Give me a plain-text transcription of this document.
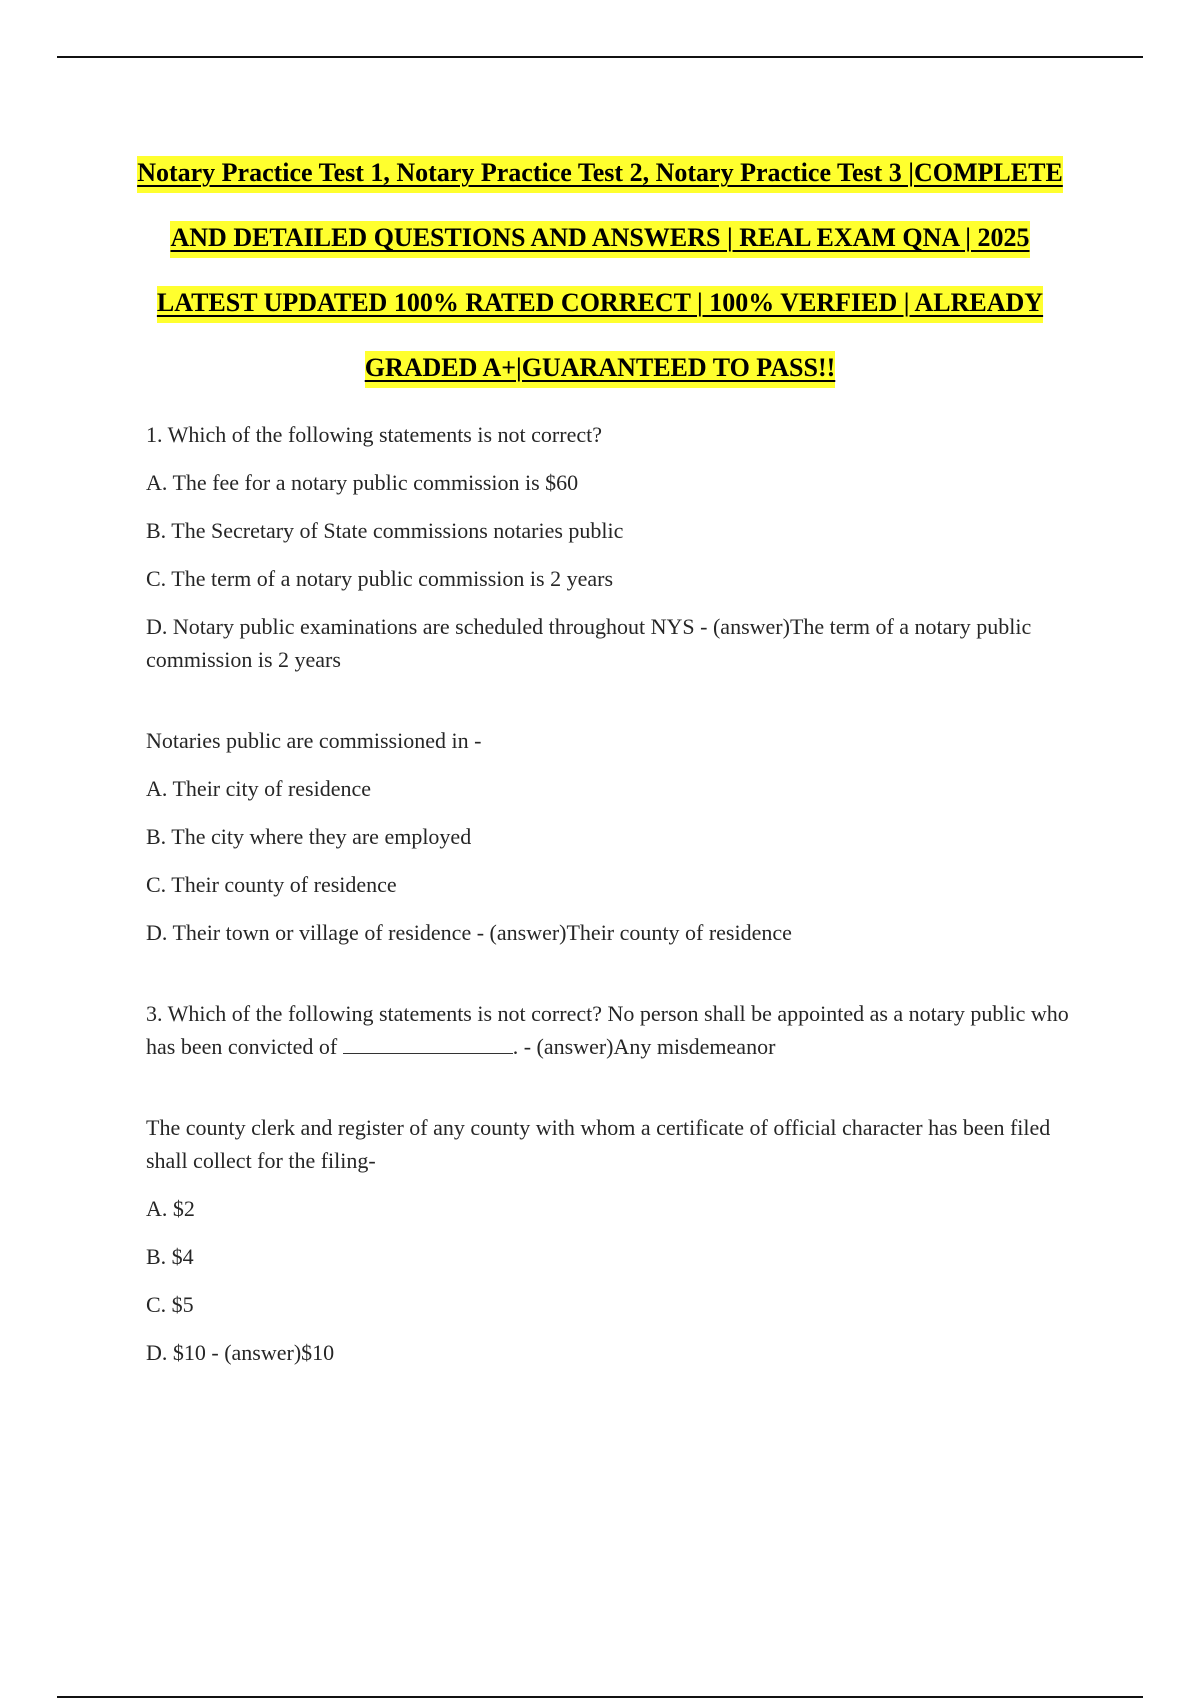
Notary Practice Test 1, Notary Practice Test 2, Notary Practice Test 3 |COMPLETE AND DETAILED QUESTIONS AND ANSWERS | REAL EXAM QNA | 2025 LATEST UPDATED 100% RATED CORRECT | 100% VERFIED | ALREADY GRADED A+|GUARANTEED TO PASS!!

1. Which of the following statements is not correct?

A. The fee for a notary public commission is $60

B. The Secretary of State commissions notaries public

C. The term of a notary public commission is 2 years

D. Notary public examinations are scheduled throughout NYS - (answer)The term of a notary public commission is 2 years

Notaries public are commissioned in -

A. Their city of residence

B. The city where they are employed

C. Their county of residence

D. Their town or village of residence - (answer)Their county of residence

3. Which of the following statements is not correct? No person shall be appointed as a notary public who has been convicted of	. - (answer)Any misdemeanor

The county clerk and register of any county with whom a certificate of official character has been filed shall collect for the filing-

A. $2

B. $4

C. $5

D. $10 - (answer)$10
